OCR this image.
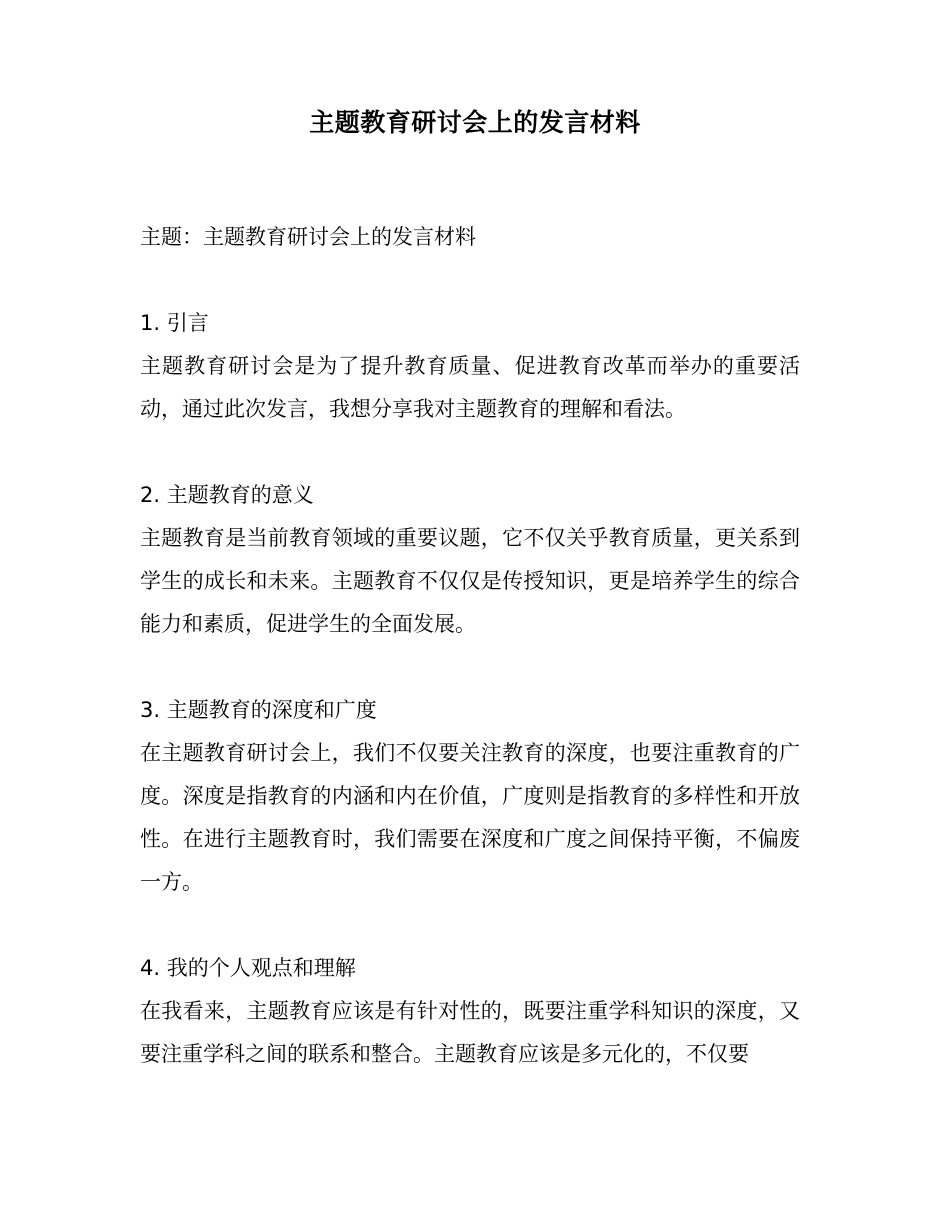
主题教育研讨会上的发言材料

主题：主题教育研讨会上的发言材料

1. 引言

主题教育研讨会是为了提升教育质量、促进教育改革而举办的重要活动，通过此次发言，我想分享我对主题教育的理解和看法。

2. 主题教育的意义

主题教育是当前教育领域的重要议题，它不仅关乎教育质量，更关系到学生的成长和未来。主题教育不仅仅是传授知识，更是培养学生的综合能力和素质，促进学生的全面发展。

3. 主题教育的深度和广度

在主题教育研讨会上，我们不仅要关注教育的深度，也要注重教育的广度。深度是指教育的内涵和内在价值，广度则是指教育的多样性和开放性。在进行主题教育时，我们需要在深度和广度之间保持平衡，不偏废一方。

4. 我的个人观点和理解

在我看来，主题教育应该是有针对性的，既要注重学科知识的深度，又要注重学科之间的联系和整合。主题教育应该是多元化的，不仅要
